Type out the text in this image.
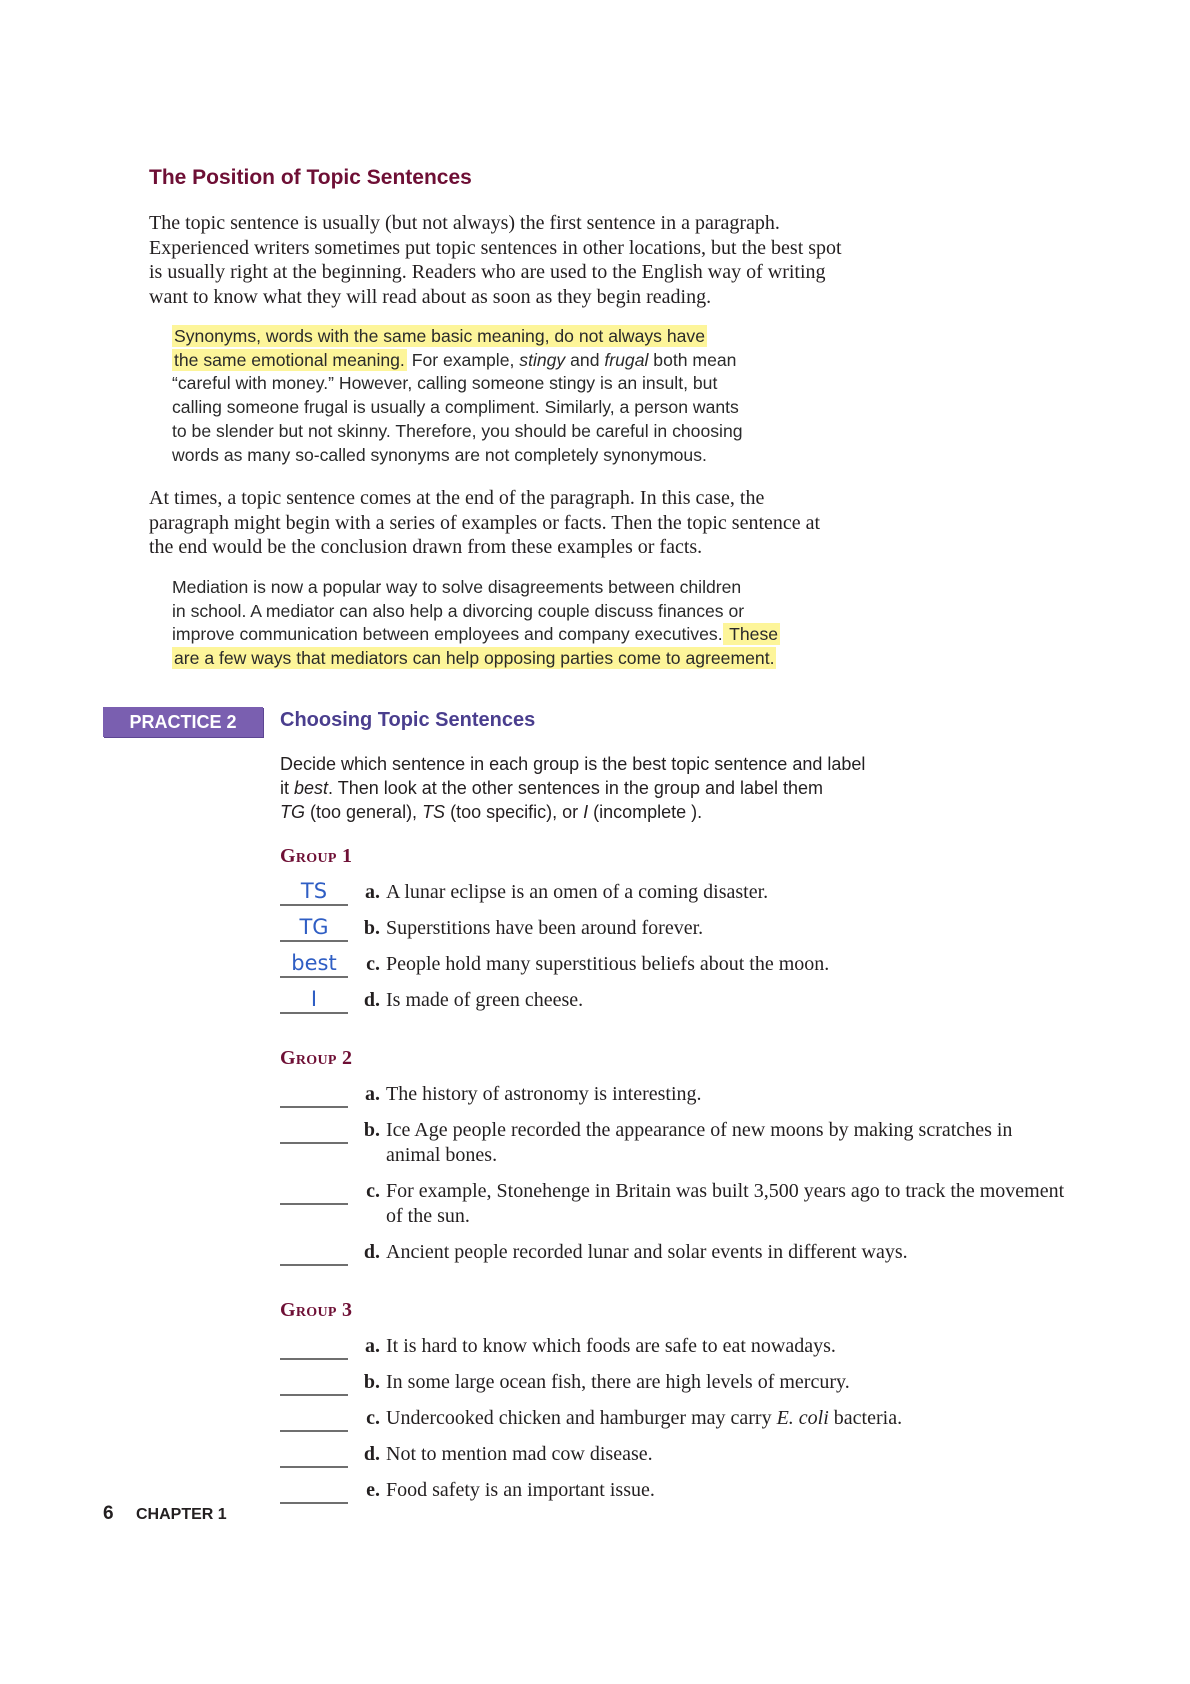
The Position of Topic Sentences
The topic sentence is usually (but not always) the first sentence in a paragraph.
Experienced writers sometimes put topic sentences in other locations, but the best spot
is usually right at the beginning. Readers who are used to the English way of writing
want to know what they will read about as soon as they begin reading.
Synonyms, words with the same basic meaning, do not always have
the same emotional meaning. For example, stingy and frugal both mean
“careful with money.” However, calling someone stingy is an insult, but
calling someone frugal is usually a compliment. Similarly, a person wants
to be slender but not skinny. Therefore, you should be careful in choosing
words as many so-called synonyms are not completely synonymous.
At times, a topic sentence comes at the end of the paragraph. In this case, the
paragraph might begin with a series of examples or facts. Then the topic sentence at
the end would be the conclusion drawn from these examples or facts.
Mediation is now a popular way to solve disagreements between children
in school. A mediator can also help a divorcing couple discuss finances or
improve communication between employees and company executives. These
are a few ways that mediators can help opposing parties come to agreement.
PRACTICE 2	Choosing Topic Sentences
Decide which sentence in each group is the best topic sentence and label
it best. Then look at the other sentences in the group and label them
TG (too general), TS (too specific), or I (incomplete ).
Group 1
TS	a. A lunar eclipse is an omen of a coming disaster.
TG	b. Superstitions have been around forever.
best	c. People hold many superstitious beliefs about the moon.
I	d. Is made of green cheese.
Group 2
a. The history of astronomy is interesting.
b. Ice Age people recorded the appearance of new moons by making scratches in animal bones.
c. For example, Stonehenge in Britain was built 3,500 years ago to track the movement of the sun.
d. Ancient people recorded lunar and solar events in different ways.
Group 3
a. It is hard to know which foods are safe to eat nowadays.
b. In some large ocean fish, there are high levels of mercury.
c. Undercooked chicken and hamburger may carry E. coli bacteria.
d. Not to mention mad cow disease.
e. Food safety is an important issue.
6 CHAPTER 1
